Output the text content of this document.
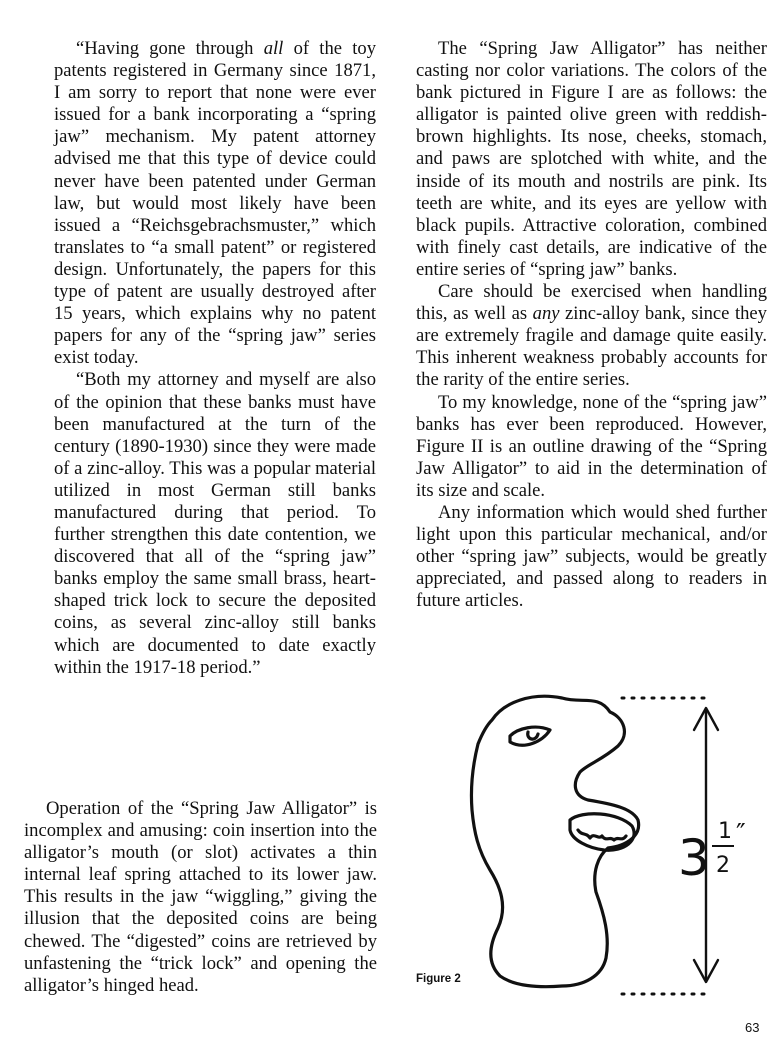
“Having gone through all of the toy patents registered in Germany since 1871, I am sorry to report that none were ever issued for a bank incorporating a “spring jaw” mechanism. My patent attorney advised me that this type of device could never have been patented under German law, but would most likely have been issued a “Reichsgebrachsmuster,” which translates to “a small patent” or registered design. Unfortunately, the papers for this type of patent are usually destroyed after 15 years, which explains why no patent papers for any of the “spring jaw” series exist today.

“Both my attorney and myself are also of the opinion that these banks must have been manufactured at the turn of the century (1890-1930) since they were made of a zinc-alloy. This was a popular material utilized in most German still banks manufactured during that period. To further strengthen this date contention, we discovered that all of the “spring jaw” banks employ the same small brass, heart-shaped trick lock to secure the deposited coins, as several zinc-alloy still banks which are documented to date exactly within the 1917-18 period.”

Operation of the “Spring Jaw Alligator” is incomplex and amusing: coin insertion into the alligator’s mouth (or slot) activates a thin internal leaf spring attached to its lower jaw. This results in the jaw “wiggling,” giving the illusion that the deposited coins are being chewed. The “digested” coins are retrieved by unfastening the “trick lock” and opening the alligator’s hinged head.

The “Spring Jaw Alligator” has neither casting nor color variations. The colors of the bank pictured in Figure I are as follows: the alligator is painted olive green with reddish-brown highlights. Its nose, cheeks, stomach, and paws are splotched with white, and the inside of its mouth and nostrils are pink. Its teeth are white, and its eyes are yellow with black pupils. Attractive coloration, combined with finely cast details, are indicative of the entire series of “spring jaw” banks.

Care should be exercised when handling this, as well as any zinc-alloy bank, since they are extremely fragile and damage quite easily. This inherent weakness probably accounts for the rarity of the entire series.

To my knowledge, none of the “spring jaw” banks has ever been reproduced. However, Figure II is an outline drawing of the “Spring Jaw Alligator” to aid in the determination of its size and scale.

Any information which would shed further light upon this particular mechanical, and/or other “spring jaw” subjects, would be greatly appreciated, and passed along to readers in future articles.

3 1
2
″
Figure 2
63
